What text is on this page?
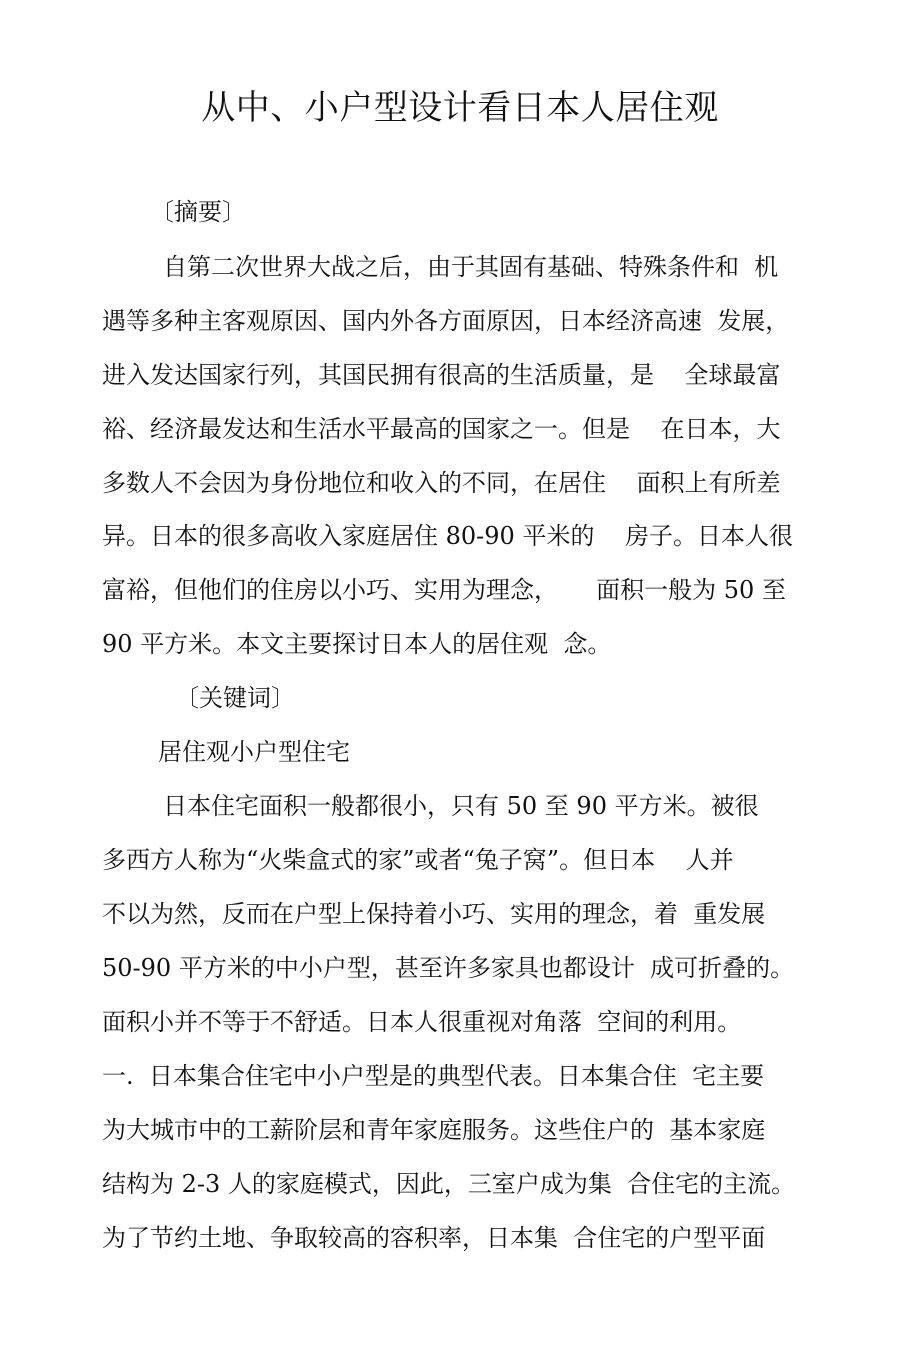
从中、小户型设计看日本人居住观

〔摘要〕

自第二次世界大战之后，由于其固有基础、特殊条件和  机

遇等多种主客观原因、国内外各方面原因，日本经济高速  发展，

进入发达国家行列，其国民拥有很高的生活质量，是    全球最富

裕、经济最发达和生活水平最高的国家之一。但是    在日本，大

多数人不会因为身份地位和收入的不同，在居住    面积上有所差

异。日本的很多高收入家庭居住 80-90 平米的    房子。日本人很

富裕，但他们的住房以小巧、实用为理念，     面积一般为 50 至

90 平方米。本文主要探讨日本人的居住观  念。

〔关键词〕

居住观小户型住宅

日本住宅面积一般都很小，只有 50 至 90 平方米。被很

多西方人称为“火柴盒式的家”或者“兔子窝”。但日本    人并

不以为然，反而在户型上保持着小巧、实用的理念，着  重发展

50-90 平方米的中小户型，甚至许多家具也都设计  成可折叠的。

面积小并不等于不舒适。日本人很重视对角落  空间的利用。

一.  日本集合住宅中小户型是的典型代表。日本集合住  宅主要

为大城市中的工薪阶层和青年家庭服务。这些住户的  基本家庭

结构为 2-3 人的家庭模式，因此，三室户成为集  合住宅的主流。

为了节约土地、争取较高的容积率，日本集  合住宅的户型平面
